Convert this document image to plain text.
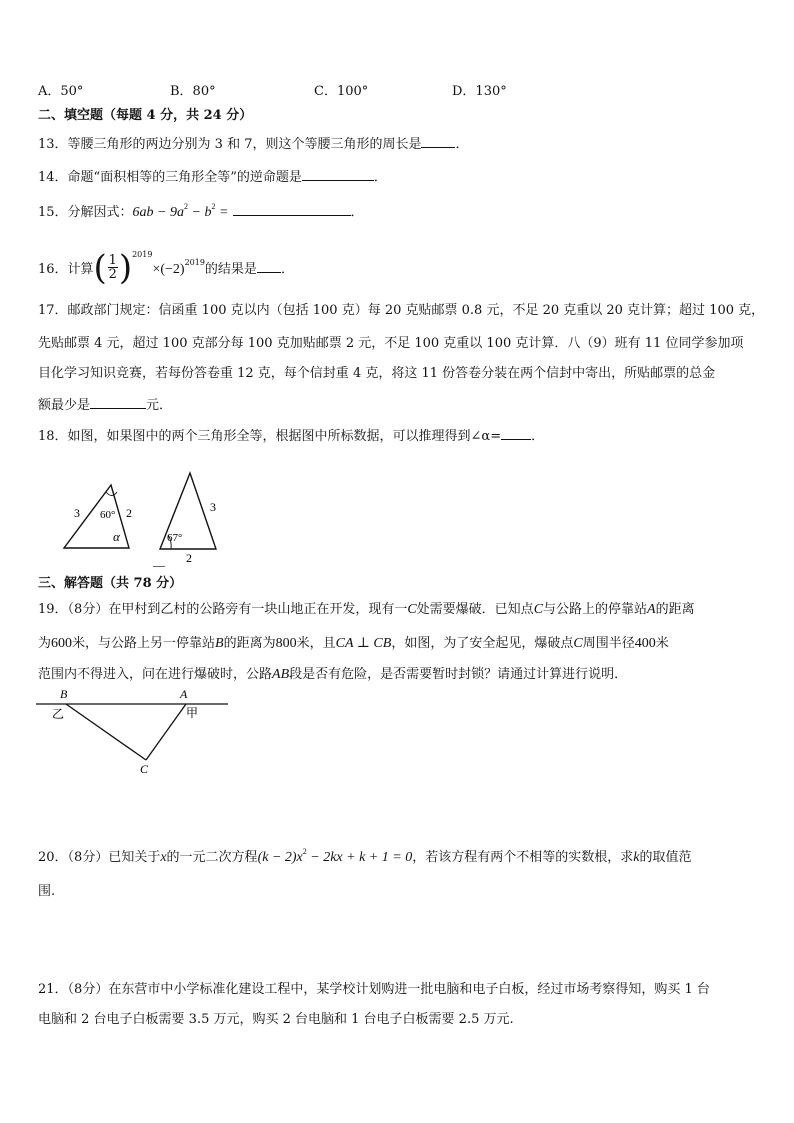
A．50°	B．80°	C．100°	D．130°
二、填空题（每题 4 分，共 24 分）
13．等腰三角形的两边分别为 3 和 7，则这个等腰三角形的周长是	．
14．命题“面积相等的三角形全等”的逆命题是	．
15．分解因式：$6ab - 9a^2 - b^2$ =	．
16．计算( $\frac{1}{2} )^{2019}\times(-2)_{2019}$的结果是 ．
17．邮政部门规定：信函重 100 克以内（包括 100 克）每 20 克贴邮票 0.8 元，不足 20 克重以 20 克计算；超过 100 克，
先贴邮票 4 元，超过 100 克部分每 100 克加贴邮票 2 元，不足 100 克重以 100 克计算．八（9）班有 11 位同学参加项
目化学习知识竞赛，若每份答卷重 12 克，每个信封重 4 克，将这 11 份答卷分装在两个信封中寄出，所贴邮票的总金
额最少是	元．
18．如图，如果图中的两个三角形全等，根据图中所标数据，可以推理得到∠α= ．
3	2
60°
α
3
67°
2
__
三、解答题（共 78 分）
19．（8分）在甲村到乙村的公路旁有一块山地正在开发，现有一C处需要爆破．已知点C与公路上的停靠站A的距离
为600米，与公路上另一停靠站B的距离为800米，且CA ⊥ CB，如图，为了安全起见，爆破点C周围半径400米
范围内不得进入，问在进行爆破时，公路AB段是否有危险，是否需要暂时封锁？请通过计算进行说明．
B	A
C
乙	甲
20．（8分）已知关于x的一元二次方程$(k - 2)x^2 - 2kx + k + 1 = 0$，若该方程有两个不相等的实数根，求k的取值范
围.
21．（8分）在东营市中小学标准化建设工程中，某学校计划购进一批电脑和电子白板，经过市场考察得知，购买 1 台
电脑和 2 台电子白板需要 3.5 万元，购买 2 台电脑和 1 台电子白板需要 2.5 万元.
